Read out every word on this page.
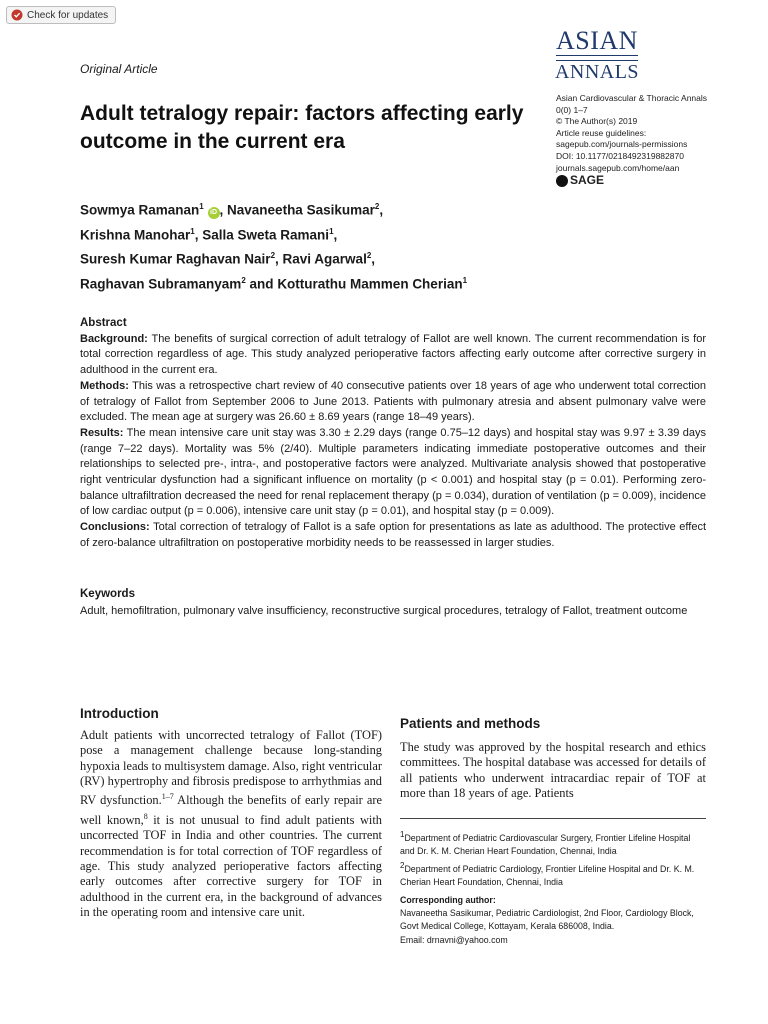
Check for updates
Original Article
ASIAN
ANNALS
Adult tetralogy repair: factors affecting early outcome in the current era
Asian Cardiovascular & Thoracic Annals
0(0) 1–7
© The Author(s) 2019
Article reuse guidelines:
sagepub.com/journals-permissions
DOI: 10.1177/0218492319882870
journals.sagepub.com/home/aan
SAGE
Sowmya Ramanan$^1$ iD , Navaneetha Sasikumar$^2$,
Krishna Manohar$^1$, Salla Sweta Ramani$^1$,
Suresh Kumar Raghavan Nair$^2$, Ravi Agarwal$^2$,
Raghavan Subramanyam$^2$ and Kotturathu Mammen Cherian$^1$
Abstract

Background: The benefits of surgical correction of adult tetralogy of Fallot are well known. The current recommendation is for total correction regardless of age. This study analyzed perioperative factors affecting early outcome after corrective surgery in adulthood in the current era.

Methods: This was a retrospective chart review of 40 consecutive patients over 18 years of age who underwent total correction of tetralogy of Fallot from September 2006 to June 2013. Patients with pulmonary atresia and absent pulmonary valve were excluded. The mean age at surgery was 26.60 ± 8.69 years (range 18–49 years).

Results: The mean intensive care unit stay was 3.30 ± 2.29 days (range 0.75–12 days) and hospital stay was 9.97 ± 3.39 days (range 7–22 days). Mortality was 5% (2/40). Multiple parameters indicating immediate postoperative outcomes and their relationships to selected pre-, intra-, and postoperative factors were analyzed. Multivariate analysis showed that postoperative right ventricular dysfunction had a significant influence on mortality (p < 0.001) and hospital stay (p = 0.01). Performing zero-balance ultrafiltration decreased the need for renal replacement therapy (p = 0.034), duration of ventilation (p = 0.009), incidence of low cardiac output (p = 0.006), intensive care unit stay (p = 0.01), and hospital stay (p = 0.009).

Conclusions: Total correction of tetralogy of Fallot is a safe option for presentations as late as adulthood. The protective effect of zero-balance ultrafiltration on postoperative morbidity needs to be reassessed in larger studies.

Keywords
Adult, hemofiltration, pulmonary valve insufficiency, reconstructive surgical procedures, tetralogy of Fallot, treatment outcome
Introduction
Adult patients with uncorrected tetralogy of Fallot (TOF) pose a management challenge because long-standing hypoxia leads to multisystem damage. Also, right ventricular (RV) hypertrophy and fibrosis predispose to arrhythmias and RV dysfunction.$^{1-7}$ Although the benefits of early repair are well known,$^8$ it is not unusual to find adult patients with uncorrected TOF in India and other countries. The current recommendation is for total correction of TOF regardless of age. This study analyzed perioperative factors affecting early outcomes after corrective surgery for TOF in adulthood in the current era, in the background of advances in the operating room and intensive care unit.
Patients and methods
The study was approved by the hospital research and ethics committees. The hospital database was accessed for details of all patients who underwent intracardiac repair of TOF at more than 18 years of age. Patients

$^1$Department of Pediatric Cardiovascular Surgery, Frontier Lifeline Hospital and Dr. K. M. Cherian Heart Foundation, Chennai, India

$^2$Department of Pediatric Cardiology, Frontier Lifeline Hospital and Dr. K. M. Cherian Heart Foundation, Chennai, India

Corresponding author:
Navaneetha Sasikumar, Pediatric Cardiologist, 2nd Floor, Cardiology Block, Govt Medical College, Kottayam, Kerala 686008, India.
Email: drnavni@yahoo.com
